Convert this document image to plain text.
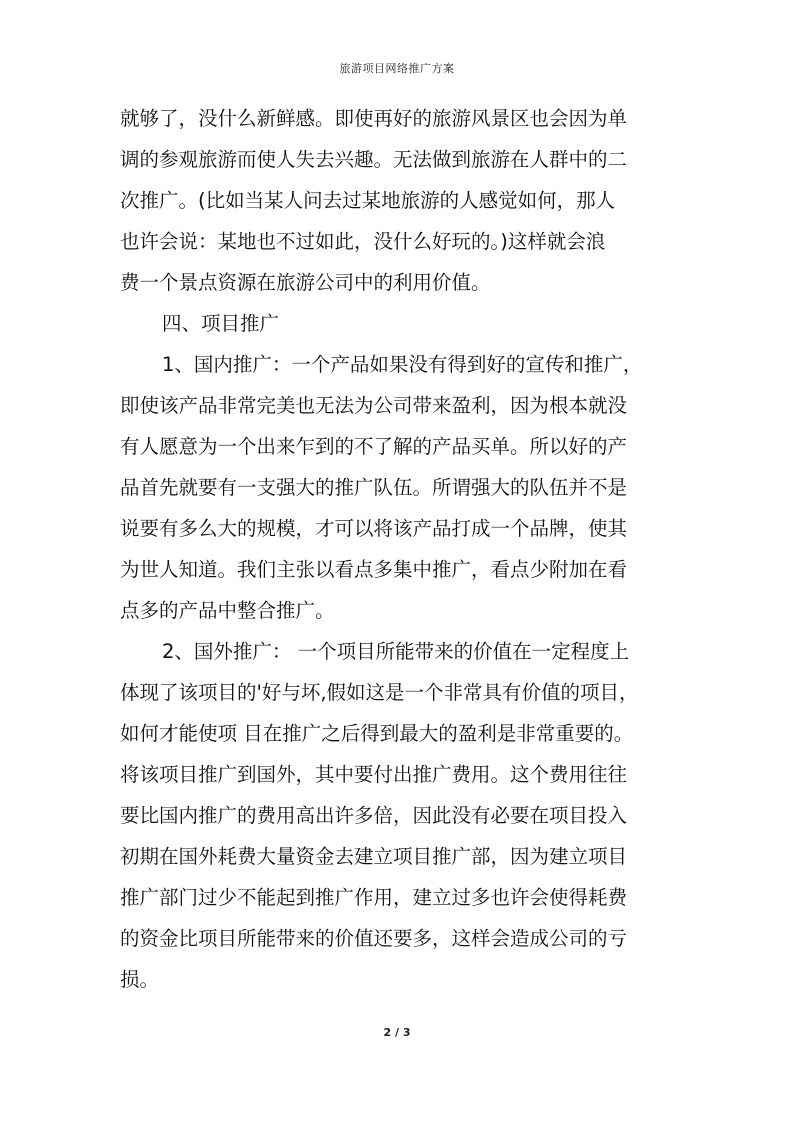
旅游项目网络推广方案
就够了，没什么新鲜感。即使再好的旅游风景区也会因为单
调的参观旅游而使人失去兴趣。无法做到旅游在人群中的二
次推广。(比如当某人问去过某地旅游的人感觉如何，那人
也许会说：某地也不过如此，没什么好玩的。)这样就会浪
费一个景点资源在旅游公司中的利用价值。
四、项目推广
1、国内推广：一个产品如果没有得到好的宣传和推广，
即使该产品非常完美也无法为公司带来盈利，因为根本就没
有人愿意为一个出来乍到的不了解的产品买单。所以好的产
品首先就要有一支强大的推广队伍。所谓强大的队伍并不是
说要有多么大的规模，才可以将该产品打成一个品牌，使其
为世人知道。我们主张以看点多集中推广，看点少附加在看
点多的产品中整合推广。
2、国外推广： 一个项目所能带来的价值在一定程度上
体现了该项目的'好与坏,假如这是一个非常具有价值的项目，
如何才能使项 目在推广之后得到最大的盈利是非常重要的。
将该项目推广到国外，其中要付出推广费用。这个费用往往
要比国内推广的费用高出许多倍，因此没有必要在项目投入
初期在国外耗费大量资金去建立项目推广部，因为建立项目
推广部门过少不能起到推广作用，建立过多也许会使得耗费
的资金比项目所能带来的价值还要多，这样会造成公司的亏
损。
2 / 3
